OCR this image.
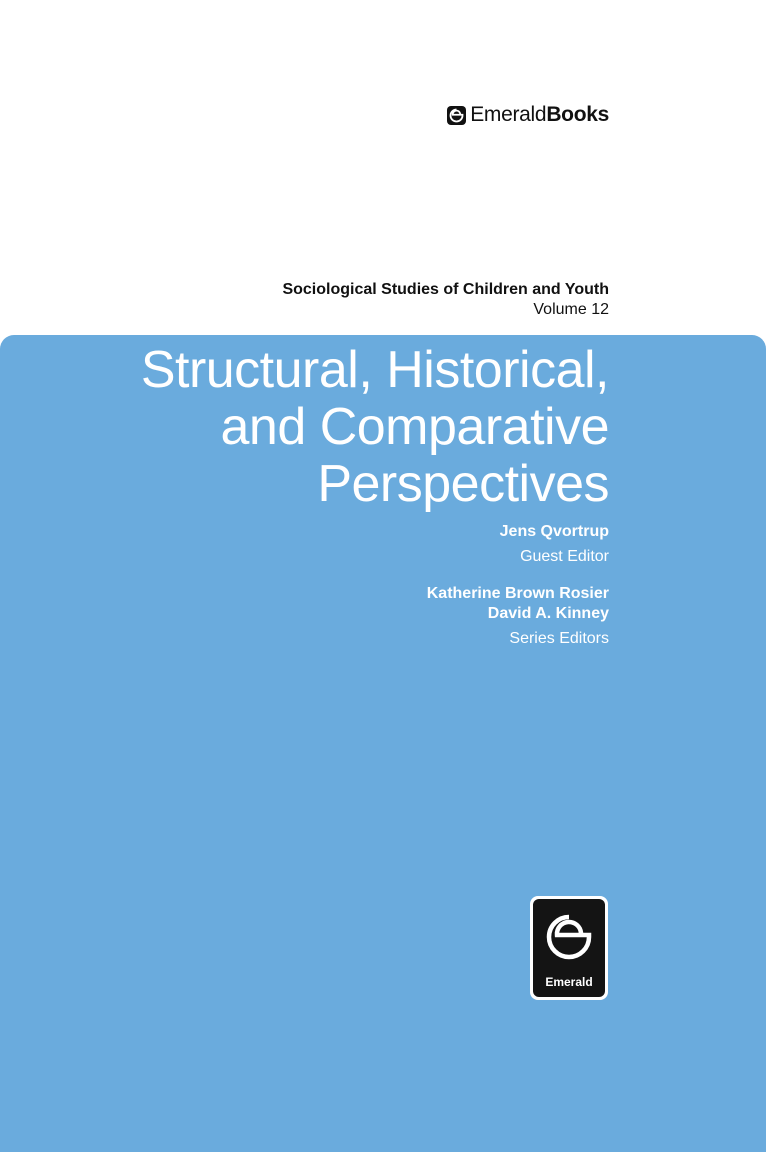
Emerald Books
Sociological Studies of Children and Youth
Volume 12
Structural, Historical,
and Comparative
Perspectives
Jens Qvortrup
Guest Editor
Katherine Brown Rosier
David A. Kinney
Series Editors
Emerald
